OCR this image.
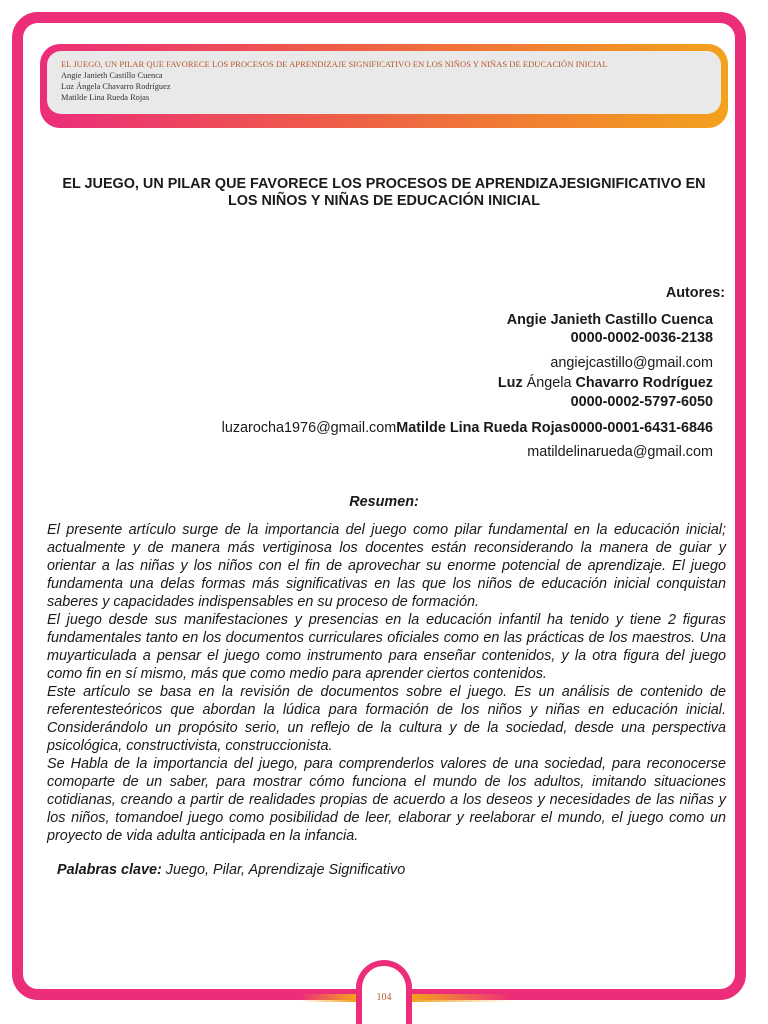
EL JUEGO, UN PILAR QUE FAVORECE LOS PROCESOS DE APRENDIZAJE SIGNIFICATIVO EN LOS NIÑOS Y NIÑAS DE EDUCACIÓN INICIAL
Angie Janieth Castillo Cuenca
Luz Ángela Chavarro Rodríguez
Matilde Lina Rueda Rojas
EL JUEGO, UN PILAR QUE FAVORECE LOS PROCESOS DE APRENDIZAJESIGNIFICATIVO EN
LOS NIÑOS Y NIÑAS DE EDUCACIÓN INICIAL
Autores:
Angie Janieth Castillo Cuenca
0000-0002-0036-2138
angiejcastillo@gmail.com
Luz Ángela Chavarro Rodríguez
0000-0002-5797-6050
luzarocha1976@gmail.comMatilde Lina Rueda Rojas0000-0001-6431-6846
matildelinarueda@gmail.com
Resumen:

El presente artículo surge de la importancia del juego como pilar fundamental en la educación inicial; actualmente y de manera más vertiginosa los docentes están reconsiderando la manera de guiar y orientar a las niñas y los niños con el fin de aprovechar su enorme potencial de aprendizaje. El juego fundamenta una delas formas más significativas en las que los niños de educación inicial conquistan saberes y capacidades indispensables en su proceso de formación.

El juego desde sus manifestaciones y presencias en la educación infantil ha tenido y tiene 2 figuras fundamentales tanto en los documentos curriculares oficiales como en las prácticas de los maestros. Una muyarticulada a pensar el juego como instrumento para enseñar contenidos, y la otra figura del juego como fin en sí mismo, más que como medio para aprender ciertos contenidos.

Este artículo se basa en la revisión de documentos sobre el juego. Es un análisis de contenido de referentesteóricos que abordan la lúdica para formación de los niños y niñas en educación inicial. Considerándolo un propósito serio, un reflejo de la cultura y de la sociedad, desde una perspectiva psicológica, constructivista, construccionista.

Se Habla de la importancia del juego, para comprenderlos valores de una sociedad, para reconocerse comoparte de un saber, para mostrar cómo funciona el mundo de los adultos, imitando situaciones cotidianas, creando a partir de realidades propias de acuerdo a los deseos y necesidades de las niñas y los niños, tomandoel juego como posibilidad de leer, elaborar y reelaborar el mundo, el juego como un proyecto de vida adulta anticipada en la infancia.

Palabras clave: Juego, Pilar, Aprendizaje Significativo
104
